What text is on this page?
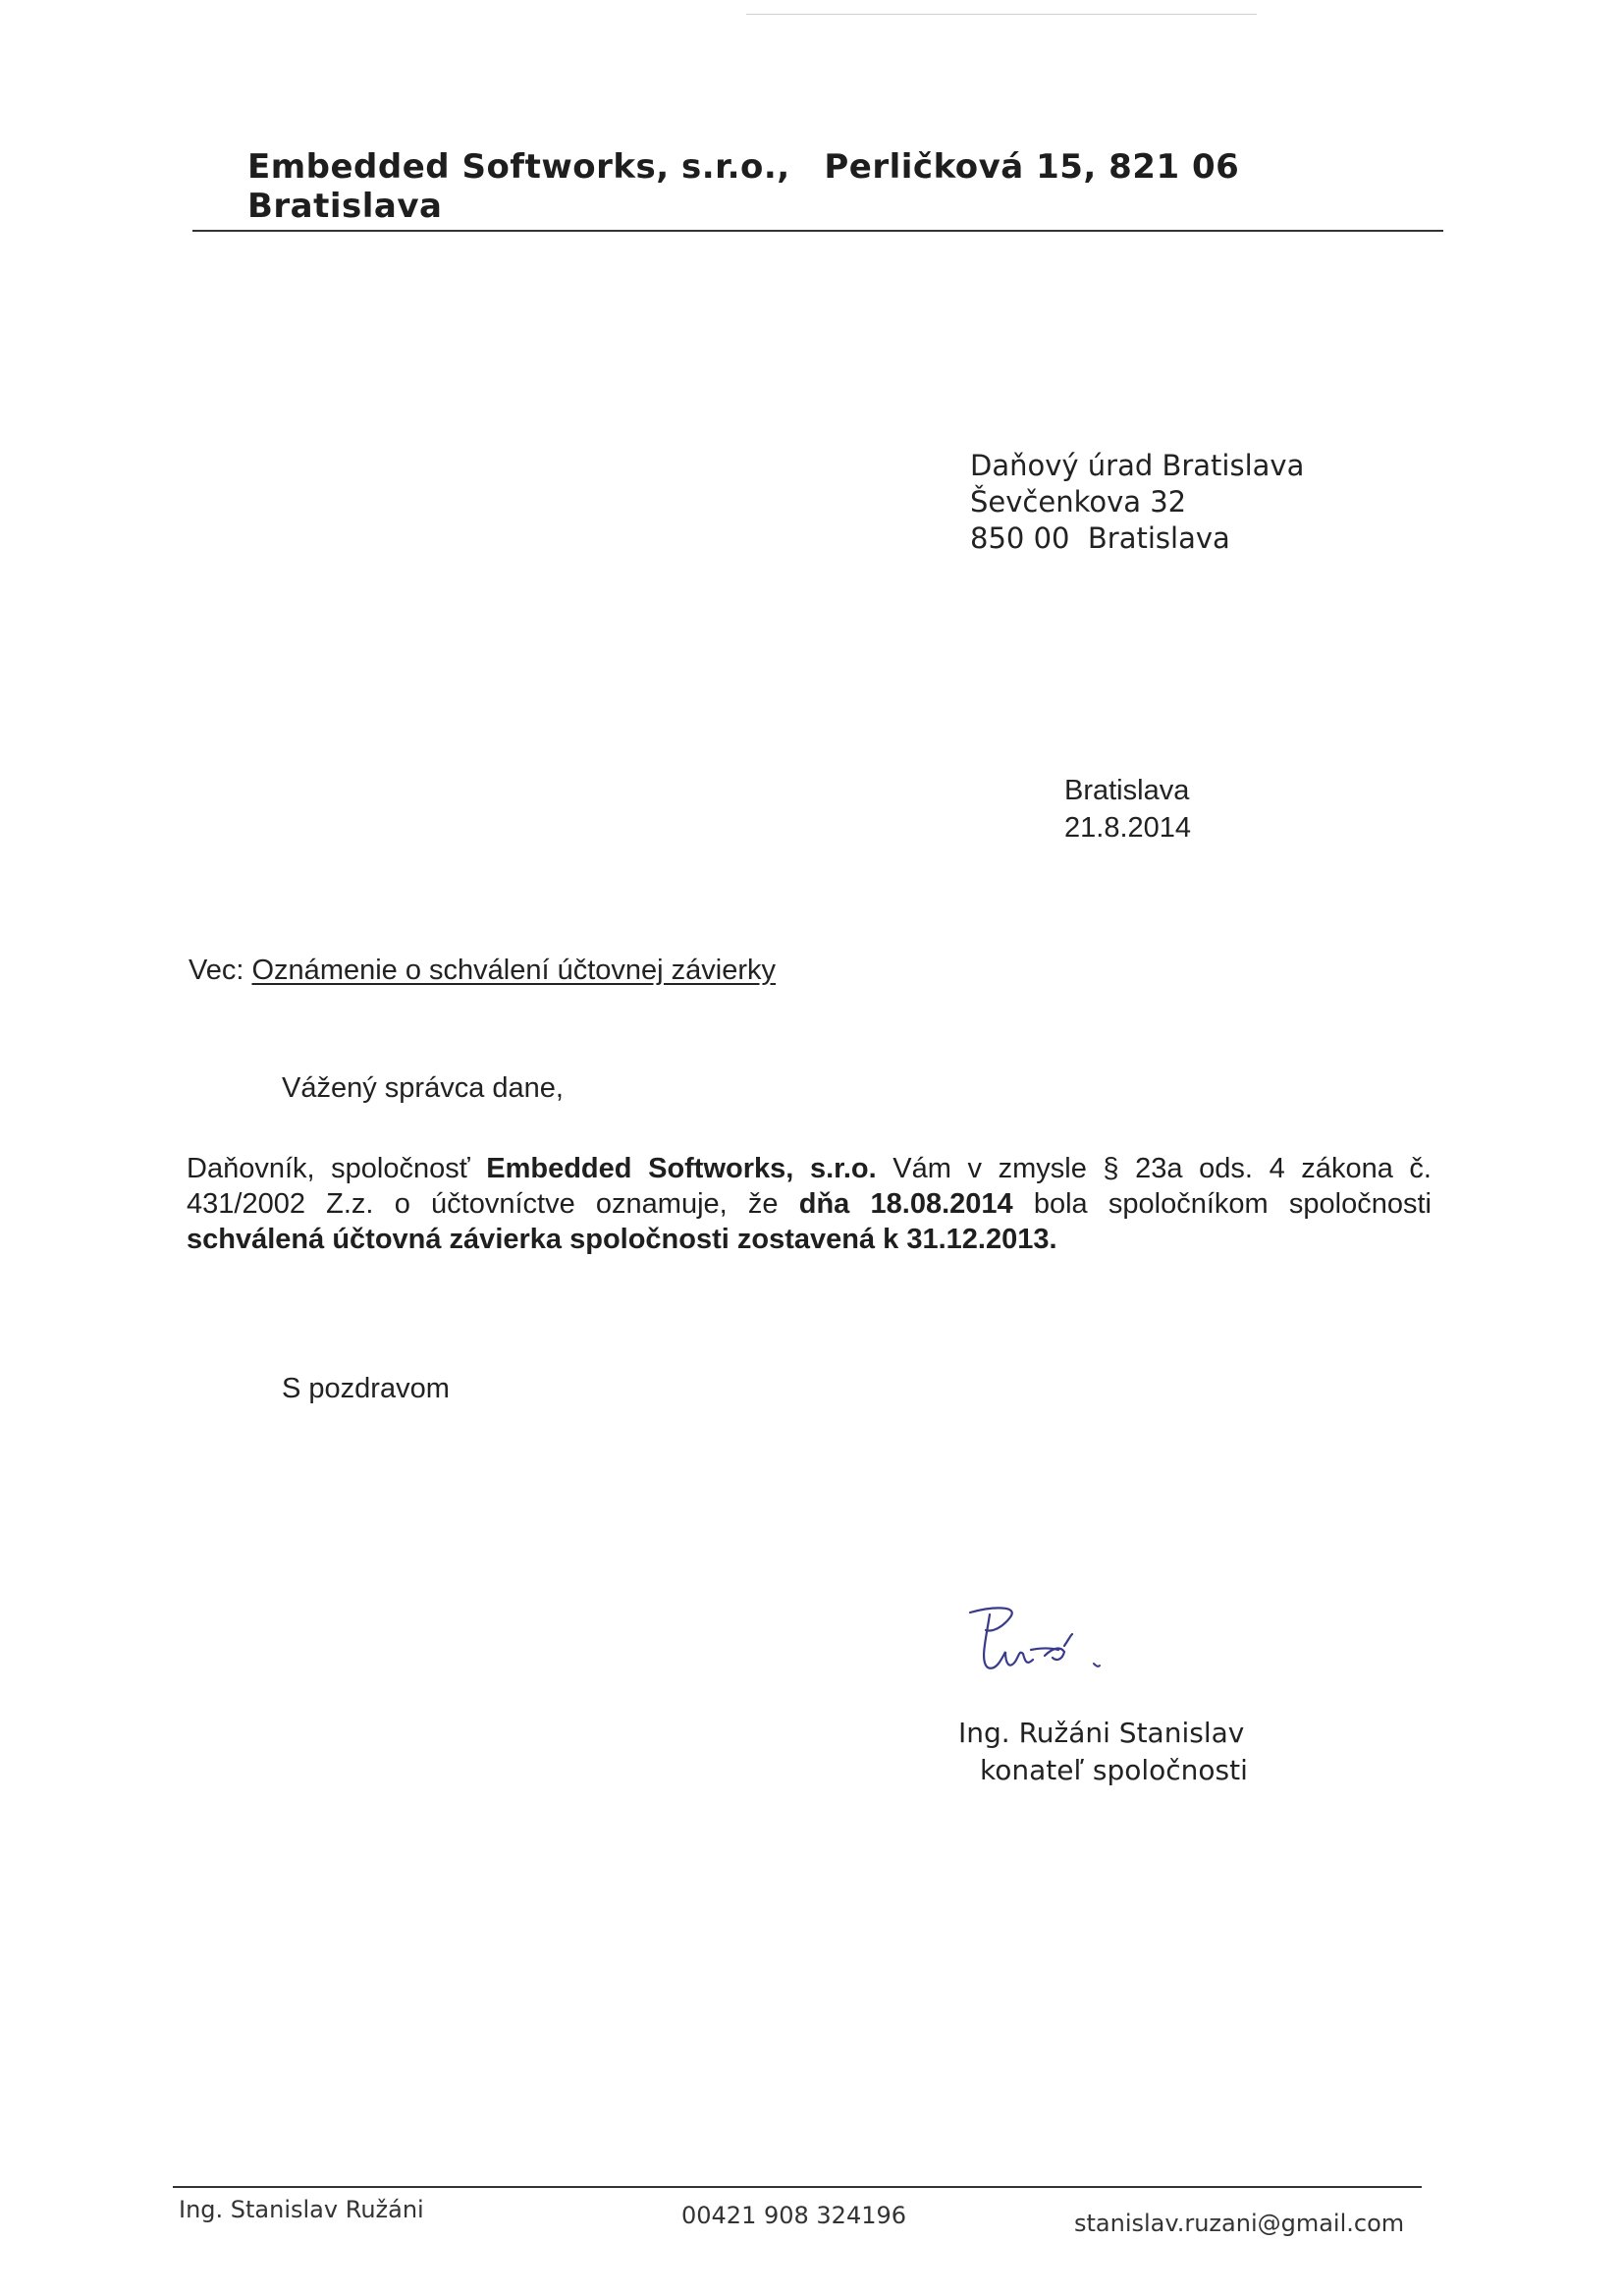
Embedded Softworks, s.r.o., Perličková 15, 821 06  Bratislava
Daňový úrad Bratislava
Ševčenkova 32
850 00  Bratislava
Bratislava
21.8.2014
Vec: Oznámenie o schválení účtovnej závierky
Vážený správca dane,
Daňovník, spoločnosť Embedded Softworks, s.r.o. Vám v zmysle § 23a ods. 4 zákona č. 431/2002 Z.z. o účtovníctve oznamuje, že dňa 18.08.2014 bola spoločníkom spoločnosti schválená účtovná závierka spoločnosti zostavená k 31.12.2013.
S pozdravom
Ing. Ružáni Stanislav
konateľ spoločnosti
Ing. Stanislav Ružáni	00421 908 324196	stanislav.ruzani@gmail.com
